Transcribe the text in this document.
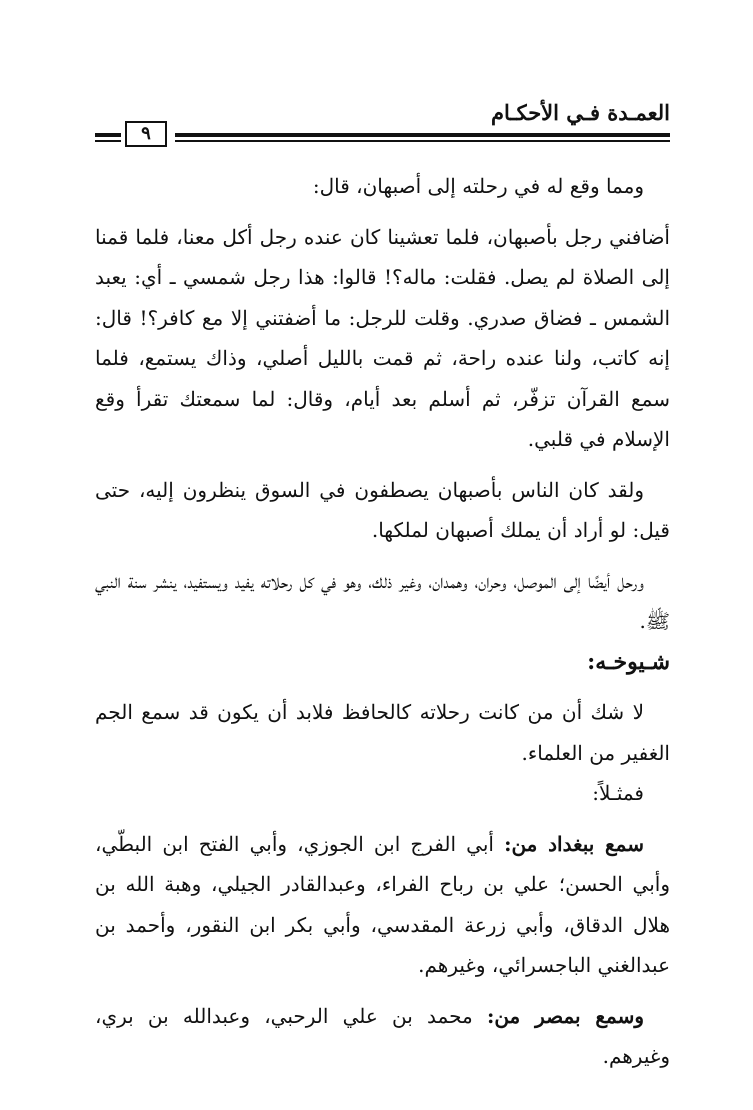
العمـدة فـي الأحكـام
٩

ومما وقع له في رحلته إلى أصبهان، قال:

أضافني رجل بأصبهان، فلما تعشينا كان عنده رجل أكل معنا، فلما قمنا إلى الصلاة لم يصل. فقلت: ماله؟! قالوا: هذا رجل شمسي ـ أي: يعبد الشمس ـ فضاق صدري. وقلت للرجل: ما أضفتني إلا مع كافر؟! قال: إنه كاتب، ولنا عنده راحة، ثم قمت بالليل أصلي، وذاك يستمع، فلما سمع القرآن تزفّر، ثم أسلم بعد أيام، وقال: لما سمعتك تقرأ وقع الإسلام في قلبي.

ولقد كان الناس بأصبهان يصطفون في السوق ينظرون إليه، حتى قيل: لو أراد أن يملك أصبهان لملكها.

ورحل أيضًا إلى الموصل، وحران، وهمدان، وغير ذلك، وهو في كل رحلاته يفيد ويستفيد، ينشر سنة النبي ﷺ.

شـيوخـه:

لا شك أن من كانت رحلاته كالحافظ فلابد أن يكون قد سمع الجم الغفير من العلماء.

فمثـلاً:

سمع ببغداد من: أبي الفرج ابن الجوزي، وأبي الفتح ابن البطّي، وأبي الحسن؛ علي بن رباح الفراء، وعبدالقادر الجيلي، وهبة الله بن هلال الدقاق، وأبي زرعة المقدسي، وأبي بكر ابن النقور، وأحمد بن عبدالغني الباجسرائي، وغيرهم.

وسمع بمصر من: محمد بن علي الرحبي، وعبدالله بن بري، وغيرهم.
